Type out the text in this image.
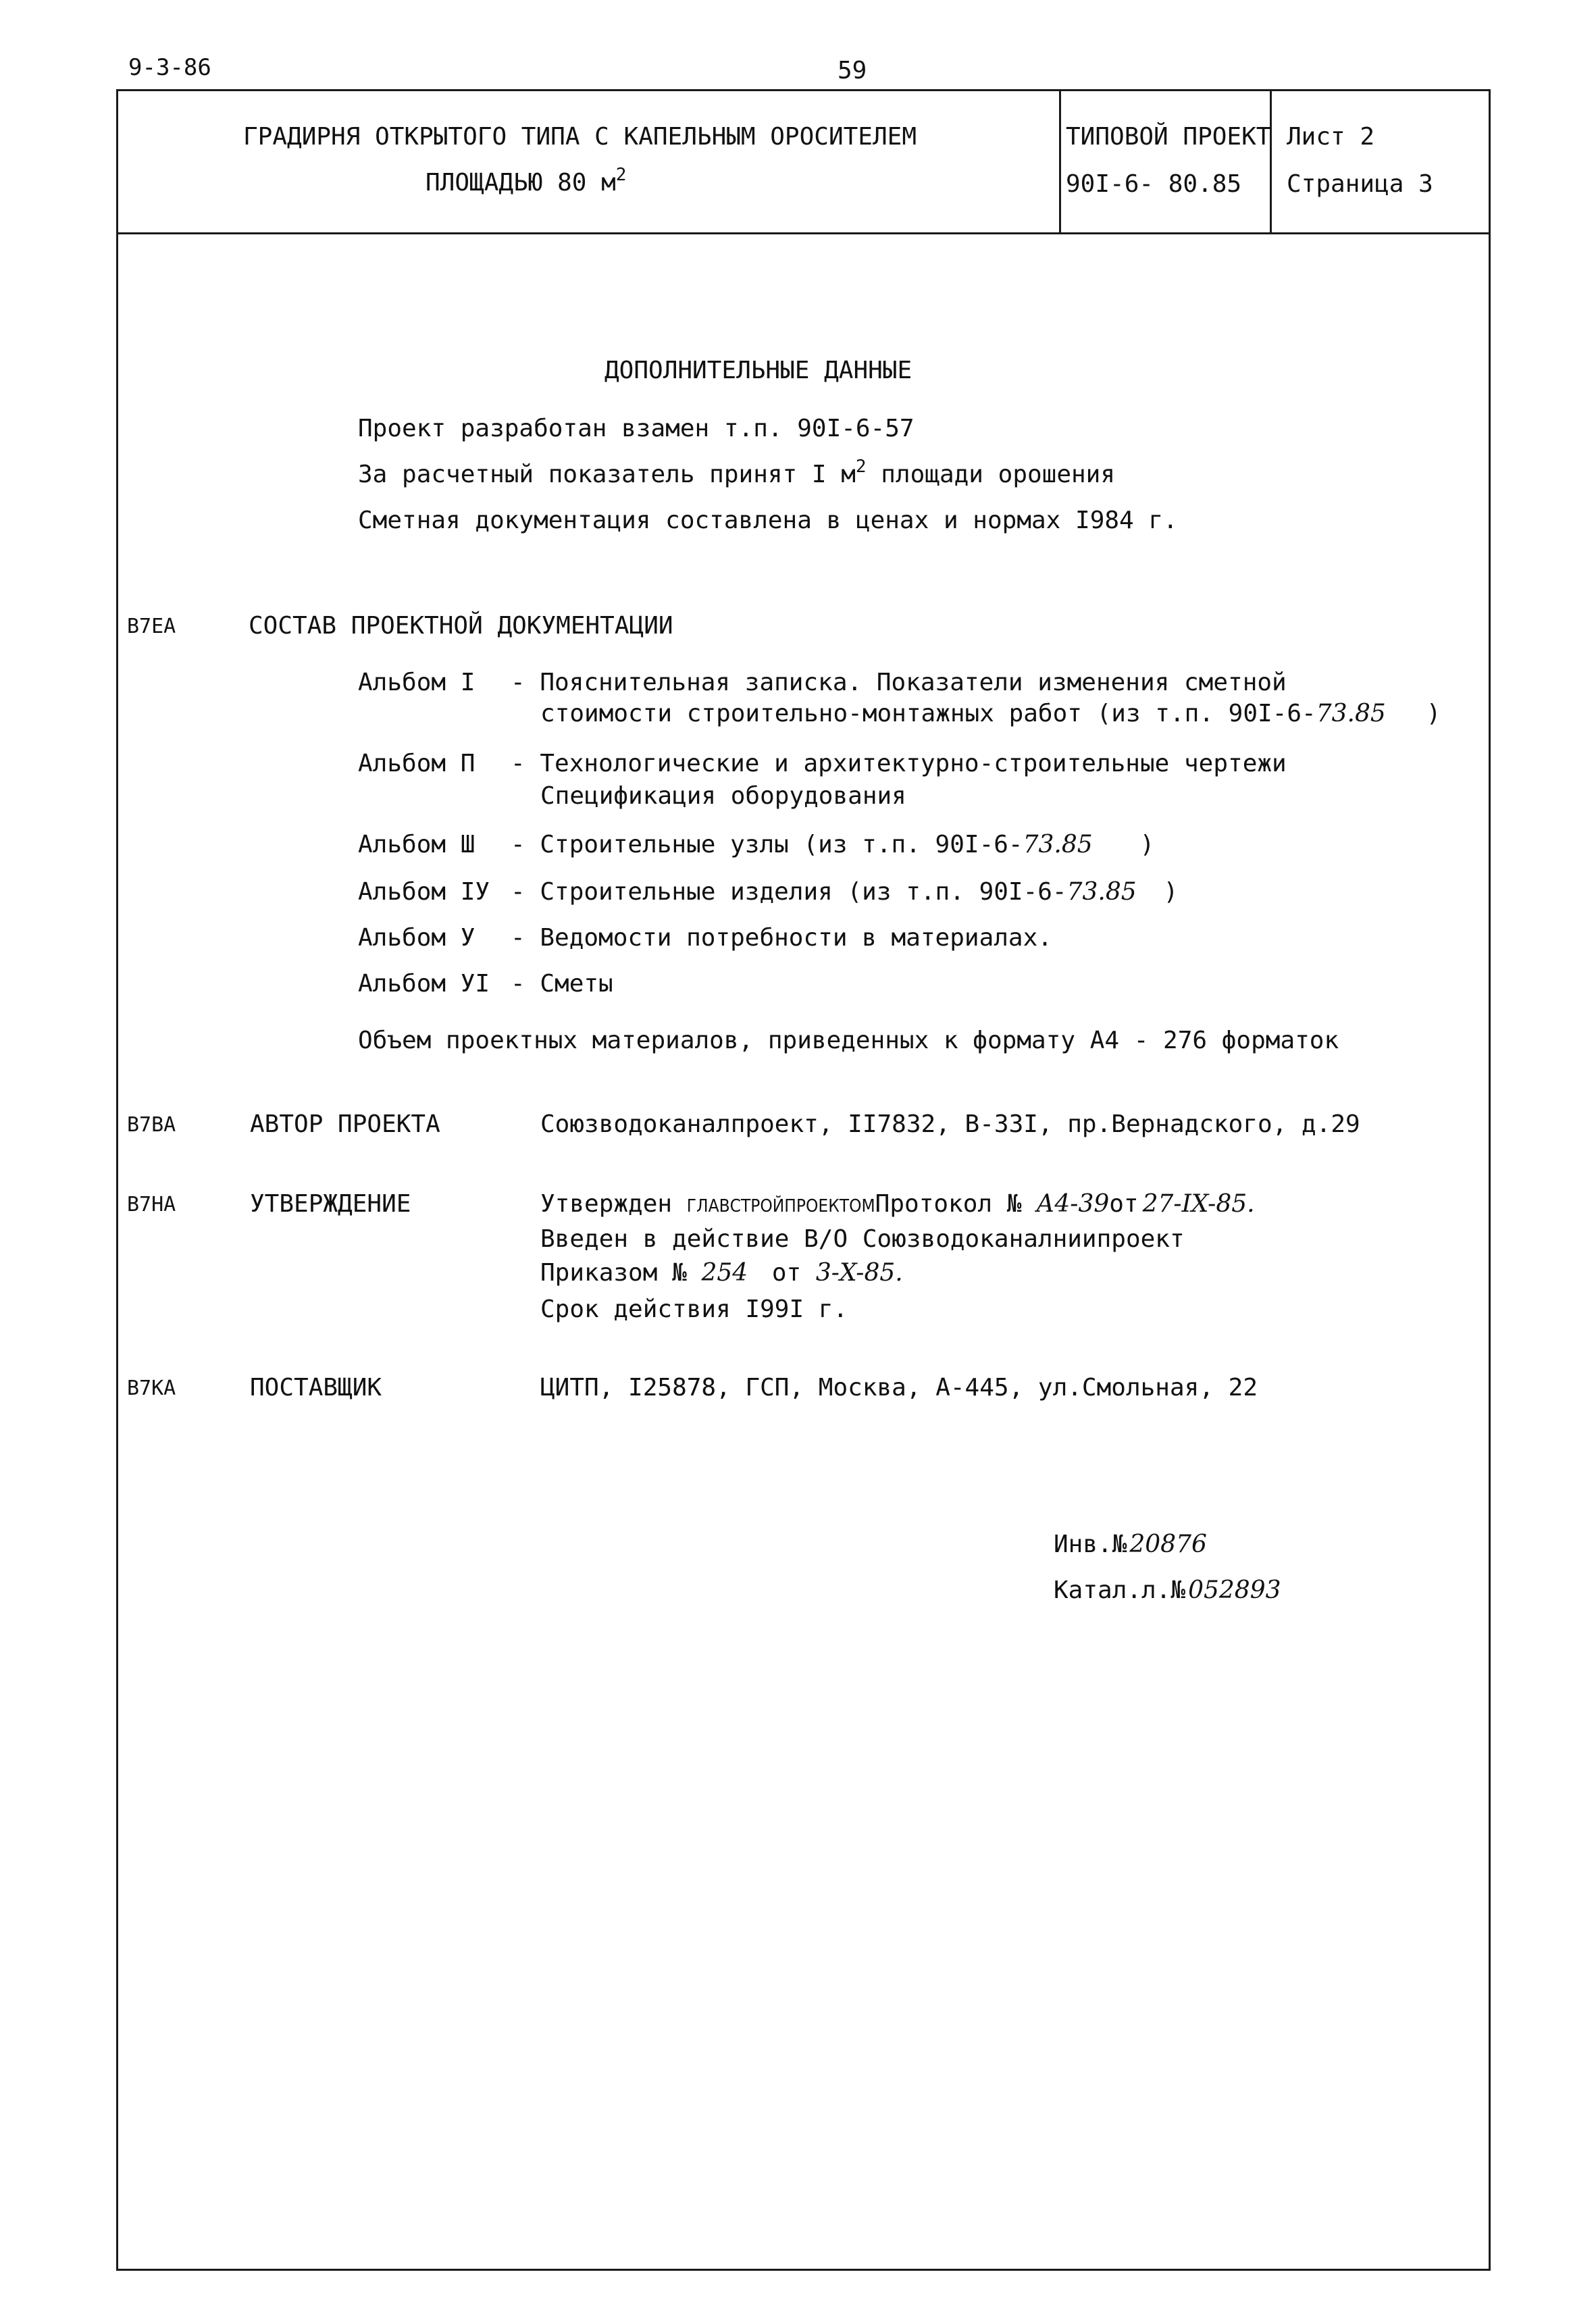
9-3-86	59
ГРАДИРНЯ ОТКРЫТОГО ТИПА С КАПЕЛЬНЫМ ОРОСИТЕЛЕМ
ПЛОЩАДЬЮ 80 $м^2$
ТИПОВОЙ ПРОЕКТ
90I-6- 80.85
Лист 2
Страница 3
ДОПОЛНИТЕЛЬНЫЕ ДАННЫЕ
Проект разработан взамен т.п. 90I-6-57
За расчетный показатель принят I $м^2$ площади орошения
Сметная документация составлена в ценах и нормах I984 г.
В7ЕА	СОСТАВ ПРОЕКТНОЙ ДОКУМЕНТАЦИИ
Альбом I - Пояснительная записка. Показатели изменения сметной
стоимости строительно-монтажных работ (из т.п. 90I-6-73.85 )
Альбом П - Технологические и архитектурно-строительные чертежи
Спецификация оборудования
Альбом Ш - Строительные узлы (из т.п. 90I-6-73.85 )
Альбом IУ - Строительные изделия (из т.п. 90I-6-73.85 )
Альбом У - Ведомости потребности в материалах.
Альбом УI - Сметы
Объем проектных материалов, приведенных к формату А4 - 276 форматок
В7ВА	АВТОР ПРОЕКТА	Союзводоканалпроект, II7832, В-33I, пр.Вернадского, д.29
В7НА	УТВЕРЖДЕНИЕ	Утвержден ГЛАВСТРОЙПРОЕКТОМПротокол № А4-39от 27-IX-85.
Введен в действие В/О Союзводоканалниипроект
Приказом № 254 от 3-X-85.
Срок действия I99I г.
В7КА	ПОСТАВЩИК	ЦИТП, I25878, ГСП, Москва, А-445, ул.Смольная, 22
Инв.№ 20876
Катал.л.№ 052893
